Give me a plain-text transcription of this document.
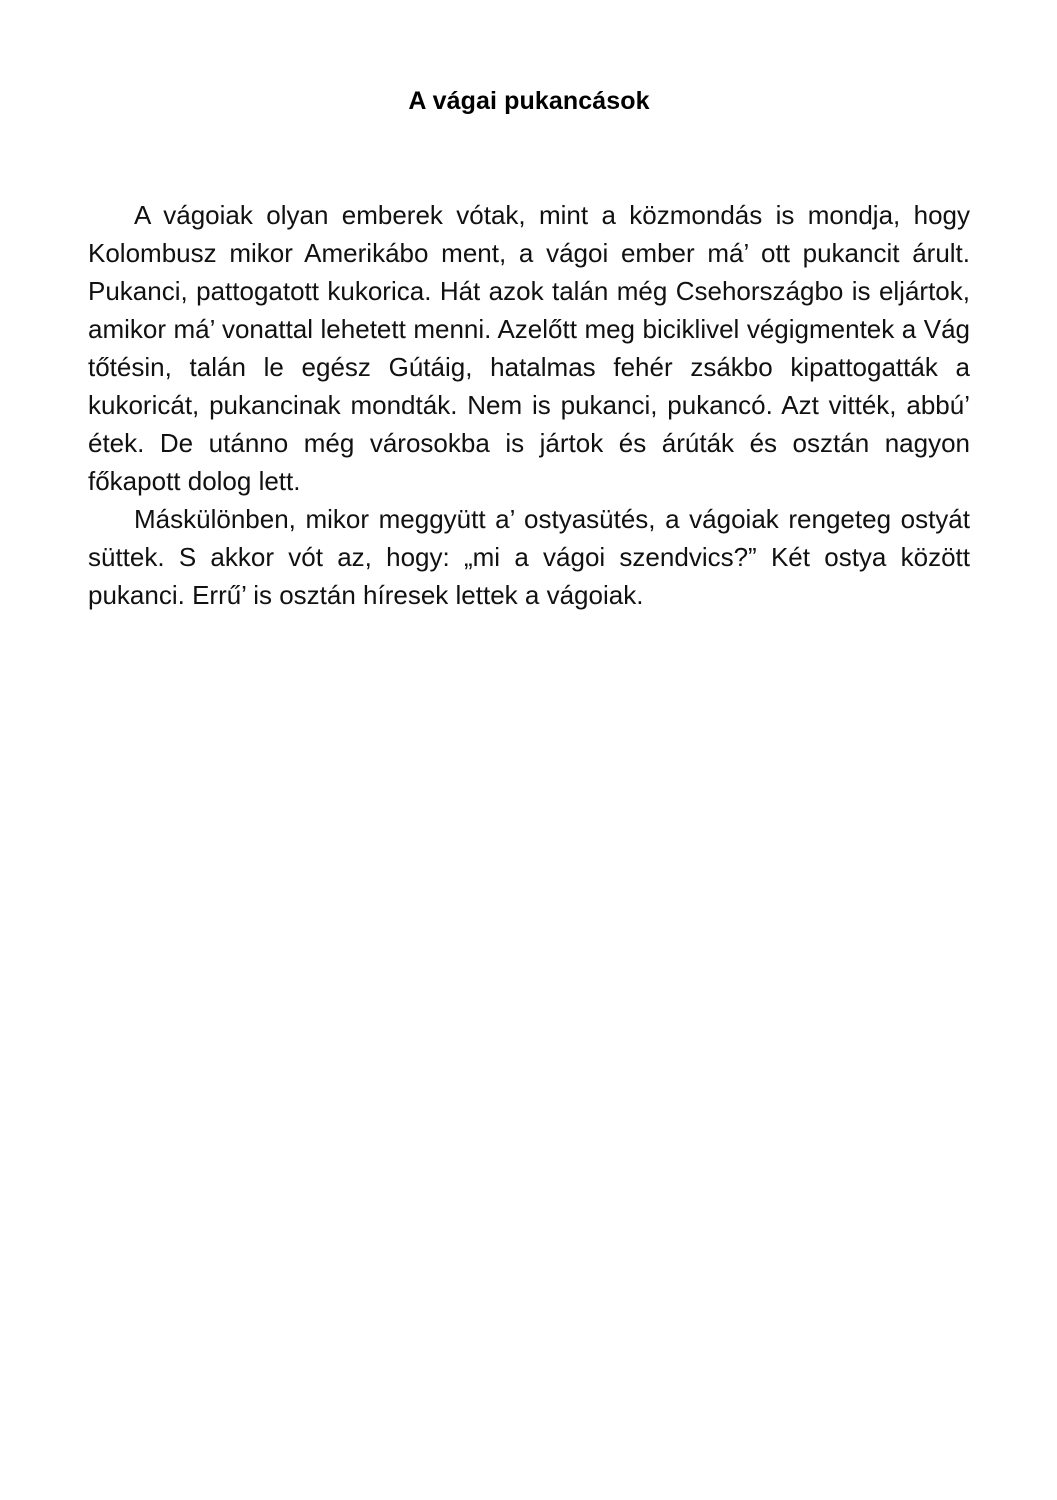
A vágai pukancások

A vágoiak olyan emberek vótak, mint a közmondás is mondja, hogy Kolombusz mikor Amerikábo ment, a vágoi ember má’ ott pukancit árult. Pukanci, pattogatott kukorica. Hát azok talán még Csehországbo is eljártok, amikor má’ vonattal lehetett menni. Azelőtt meg biciklivel végigmentek a Vág tőtésin, talán le egész Gútáig, hatalmas fehér zsákbo kipattogatták a kukoricát, pukancinak mondták. Nem is pukanci, pukancó. Azt vitték, abbú’ étek. De utánno még városokba is jártok és árúták és osztán nagyon főkapott dolog lett.

Máskülönben, mikor meggyütt a’ ostyasütés, a vágoiak rengeteg ostyát süttek. S akkor vót az, hogy: „mi a vágoi szendvics?” Két ostya között pukanci. Errű’ is osztán híresek lettek a vágoiak.
